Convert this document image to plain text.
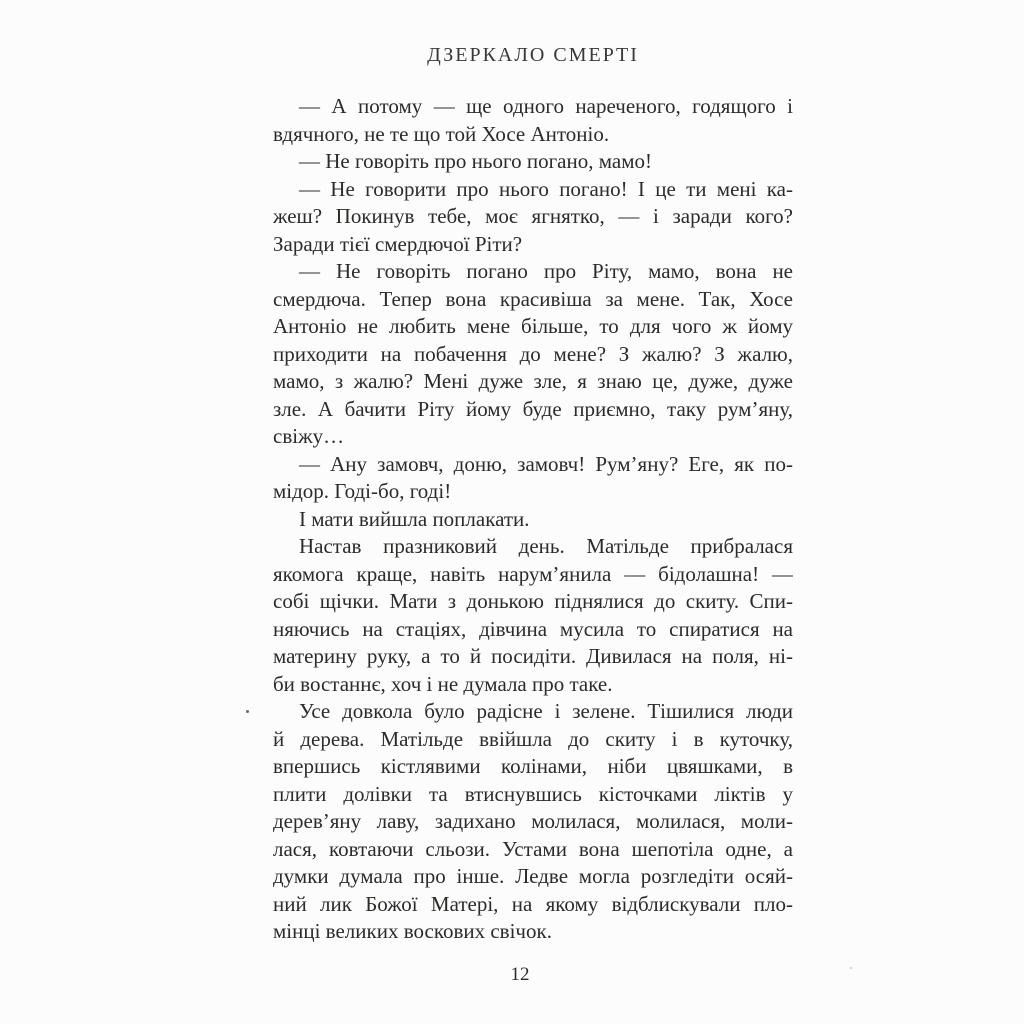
ДЗЕРКАЛО СМЕРТІ
— А потому — ще одного нареченого, годящого і
вдячного, не те що той Хосе Антоніо.
— Не говоріть про нього погано, мамо!
— Не говорити про нього погано! І це ти мені ка-
жеш? Покинув тебе, моє ягнятко, — і заради кого?
Заради тієї смердючої Ріти?
— Не говоріть погано про Ріту, мамо, вона не
смердюча. Тепер вона красивіша за мене. Так, Хосе
Антоніо не любить мене більше, то для чого ж йому
приходити на побачення до мене? З жалю? З жалю,
мамо, з жалю? Мені дуже зле, я знаю це, дуже, дуже
зле. А бачити Ріту йому буде приємно, таку рум’яну,
свіжу…
— Ану замовч, доню, замовч! Рум’яну? Еге, як по-
мідор. Годі-бо, годі!
І мати вийшла поплакати.
Настав празниковий день. Матільде прибралася
якомога краще, навіть нарум’янила — бідолашна! —
собі щічки. Мати з донькою піднялися до скиту. Спи-
няючись на стаціях, дівчина мусила то спиратися на
материну руку, а то й посидіти. Дивилася на поля, ні-
би востаннє, хоч і не думала про таке.
Усе довкола було радісне і зелене. Тішилися люди
й дерева. Матільде ввійшла до скиту і в куточку,
впершись кістлявими колінами, ніби цвяшками, в
плити долівки та втиснувшись кісточками ліктів у
дерев’яну лаву, задихано молилася, молилася, моли-
лася, ковтаючи сльози. Устами вона шепотіла одне, а
думки думала про інше. Ледве могла розгледіти осяй-
ний лик Божої Матері, на якому відблискували пло-
мінці великих воскових свічок.
12
